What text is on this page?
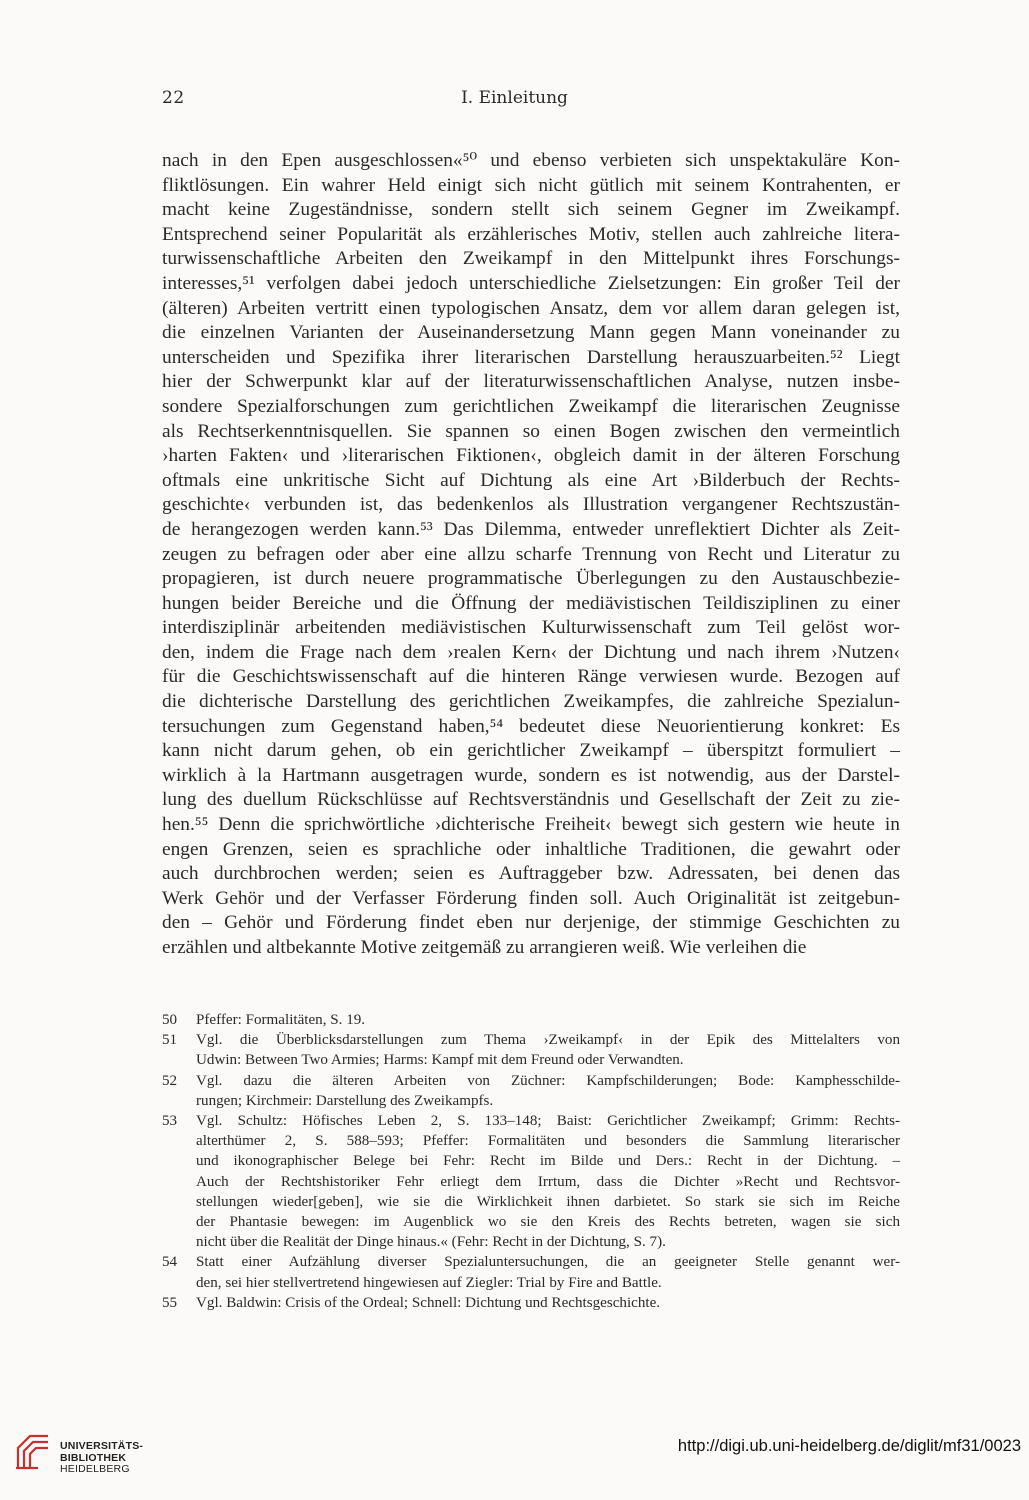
22	I. Einleitung
nach in den Epen ausgeschlossen«⁵⁰ und ebenso verbieten sich unspektakuläre Kon-
fliktlösungen. Ein wahrer Held einigt sich nicht gütlich mit seinem Kontrahenten, er
macht keine Zugeständnisse, sondern stellt sich seinem Gegner im Zweikampf.
Entsprechend seiner Popularität als erzählerisches Motiv, stellen auch zahlreiche litera-
turwissenschaftliche Arbeiten den Zweikampf in den Mittelpunkt ihres Forschungs-
interesses,⁵¹ verfolgen dabei jedoch unterschiedliche Zielsetzungen: Ein großer Teil der
(älteren) Arbeiten vertritt einen typologischen Ansatz, dem vor allem daran gelegen ist,
die einzelnen Varianten der Auseinandersetzung Mann gegen Mann voneinander zu
unterscheiden und Spezifika ihrer literarischen Darstellung herauszuarbeiten.⁵² Liegt
hier der Schwerpunkt klar auf der literaturwissenschaftlichen Analyse, nutzen insbe-
sondere Spezialforschungen zum gerichtlichen Zweikampf die literarischen Zeugnisse
als Rechtserkenntnisquellen. Sie spannen so einen Bogen zwischen den vermeintlich
›harten Fakten‹ und ›literarischen Fiktionen‹, obgleich damit in der älteren Forschung
oftmals eine unkritische Sicht auf Dichtung als eine Art ›Bilderbuch der Rechts-
geschichte‹ verbunden ist, das bedenkenlos als Illustration vergangener Rechtszustän-
de herangezogen werden kann.⁵³ Das Dilemma, entweder unreflektiert Dichter als Zeit-
zeugen zu befragen oder aber eine allzu scharfe Trennung von Recht und Literatur zu
propagieren, ist durch neuere programmatische Überlegungen zu den Austauschbezie-
hungen beider Bereiche und die Öffnung der mediävistischen Teildisziplinen zu einer
interdisziplinär arbeitenden mediävistischen Kulturwissenschaft zum Teil gelöst wor-
den, indem die Frage nach dem ›realen Kern‹ der Dichtung und nach ihrem ›Nutzen‹
für die Geschichtswissenschaft auf die hinteren Ränge verwiesen wurde. Bezogen auf
die dichterische Darstellung des gerichtlichen Zweikampfes, die zahlreiche Spezialun-
tersuchungen zum Gegenstand haben,⁵⁴ bedeutet diese Neuorientierung konkret: Es
kann nicht darum gehen, ob ein gerichtlicher Zweikampf – überspitzt formuliert –
wirklich à la Hartmann ausgetragen wurde, sondern es ist notwendig, aus der Darstel-
lung des duellum Rückschlüsse auf Rechtsverständnis und Gesellschaft der Zeit zu zie-
hen.⁵⁵ Denn die sprichwörtliche ›dichterische Freiheit‹ bewegt sich gestern wie heute in
engen Grenzen, seien es sprachliche oder inhaltliche Traditionen, die gewahrt oder
auch durchbrochen werden; seien es Auftraggeber bzw. Adressaten, bei denen das
Werk Gehör und der Verfasser Förderung finden soll. Auch Originalität ist zeitgebun-
den – Gehör und Förderung findet eben nur derjenige, der stimmige Geschichten zu
erzählen und altbekannte Motive zeitgemäß zu arrangieren weiß. Wie verleihen die
50 Pfeffer: Formalitäten, S. 19.
51 Vgl. die Überblicksdarstellungen zum Thema ›Zweikampf‹ in der Epik des Mittelalters von
Udwin: Between Two Armies; Harms: Kampf mit dem Freund oder Verwandten.
52 Vgl. dazu die älteren Arbeiten von Züchner: Kampfschilderungen; Bode: Kamphesschilde-
rungen; Kirchmeir: Darstellung des Zweikampfs.
53 Vgl. Schultz: Höfisches Leben 2, S. 133–148; Baist: Gerichtlicher Zweikampf; Grimm: Rechts-
alterthümer 2, S. 588–593; Pfeffer: Formalitäten und besonders die Sammlung literarischer
und ikonographischer Belege bei Fehr: Recht im Bilde und Ders.: Recht in der Dichtung. –
Auch der Rechtshistoriker Fehr erliegt dem Irrtum, dass die Dichter »Recht und Rechtsvor-
stellungen wieder[geben], wie sie die Wirklichkeit ihnen darbietet. So stark sie sich im Reiche
der Phantasie bewegen: im Augenblick wo sie den Kreis des Rechts betreten, wagen sie sich
nicht über die Realität der Dinge hinaus.« (Fehr: Recht in der Dichtung, S. 7).
54 Statt einer Aufzählung diverser Spezialuntersuchungen, die an geeigneter Stelle genannt wer-
den, sei hier stellvertretend hingewiesen auf Ziegler: Trial by Fire and Battle.
55 Vgl. Baldwin: Crisis of the Ordeal; Schnell: Dichtung und Rechtsgeschichte.
UNIVERSITÄTS-
BIBLIOTHEK
HEIDELBERG
http://digi.ub.uni-heidelberg.de/diglit/mf31/0023
